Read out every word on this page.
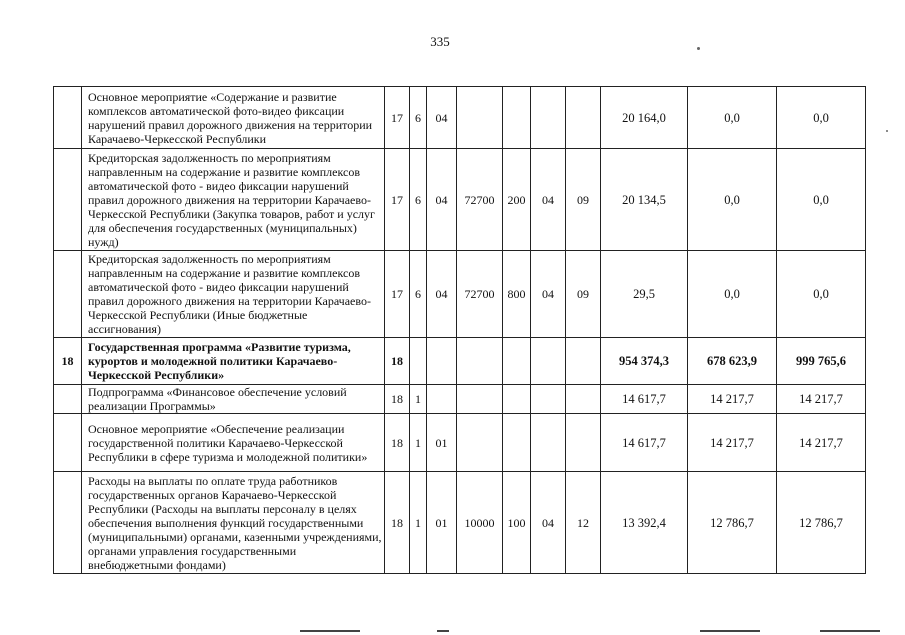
335
	Основное мероприятие «Содержание и развитие комплексов автоматической фото-видео фиксации нарушений правил дорожного движения на территории Карачаево-Черкесской Республики	17	6	04					20 164,0	0,0	0,0
	Кредиторская задолженность по мероприятиям направленным на содержание и развитие комплексов автоматической фото - видео фиксации нарушений правил дорожного движения на территории Карачаево-Черкесской Республики (Закупка товаров, работ и услуг для обеспечения государственных (муниципальных) нужд)	17	6	04	72700	200	04	09	20 134,5	0,0	0,0
	Кредиторская задолженность по мероприятиям направленным на содержание и развитие комплексов автоматической фото - видео фиксации нарушений правил дорожного движения на территории Карачаево-Черкесской Республики (Иные бюджетные ассигнования)	17	6	04	72700	800	04	09	29,5	0,0	0,0
18	Государственная программа «Развитие туризма, курортов и молодежной политики Карачаево-Черкесской Республики»	18							954 374,3	678 623,9	999 765,6
	Подпрограмма «Финансовое обеспечение условий реализации Программы»	18	1						14 617,7	14 217,7	14 217,7
	Основное мероприятие «Обеспечение реализации государственной политики Карачаево-Черкесской Республики в сфере туризма и молодежной политики»	18	1	01					14 617,7	14 217,7	14 217,7
	Расходы на выплаты по оплате труда работников государственных органов Карачаево-Черкесской Республики (Расходы на выплаты персоналу в целях обеспечения выполнения функций государственными (муниципальными) органами, казенными учреждениями, органами управления государственными внебюджетными фондами)	18	1	01	10000	100	04	12	13 392,4	12 786,7	12 786,7
